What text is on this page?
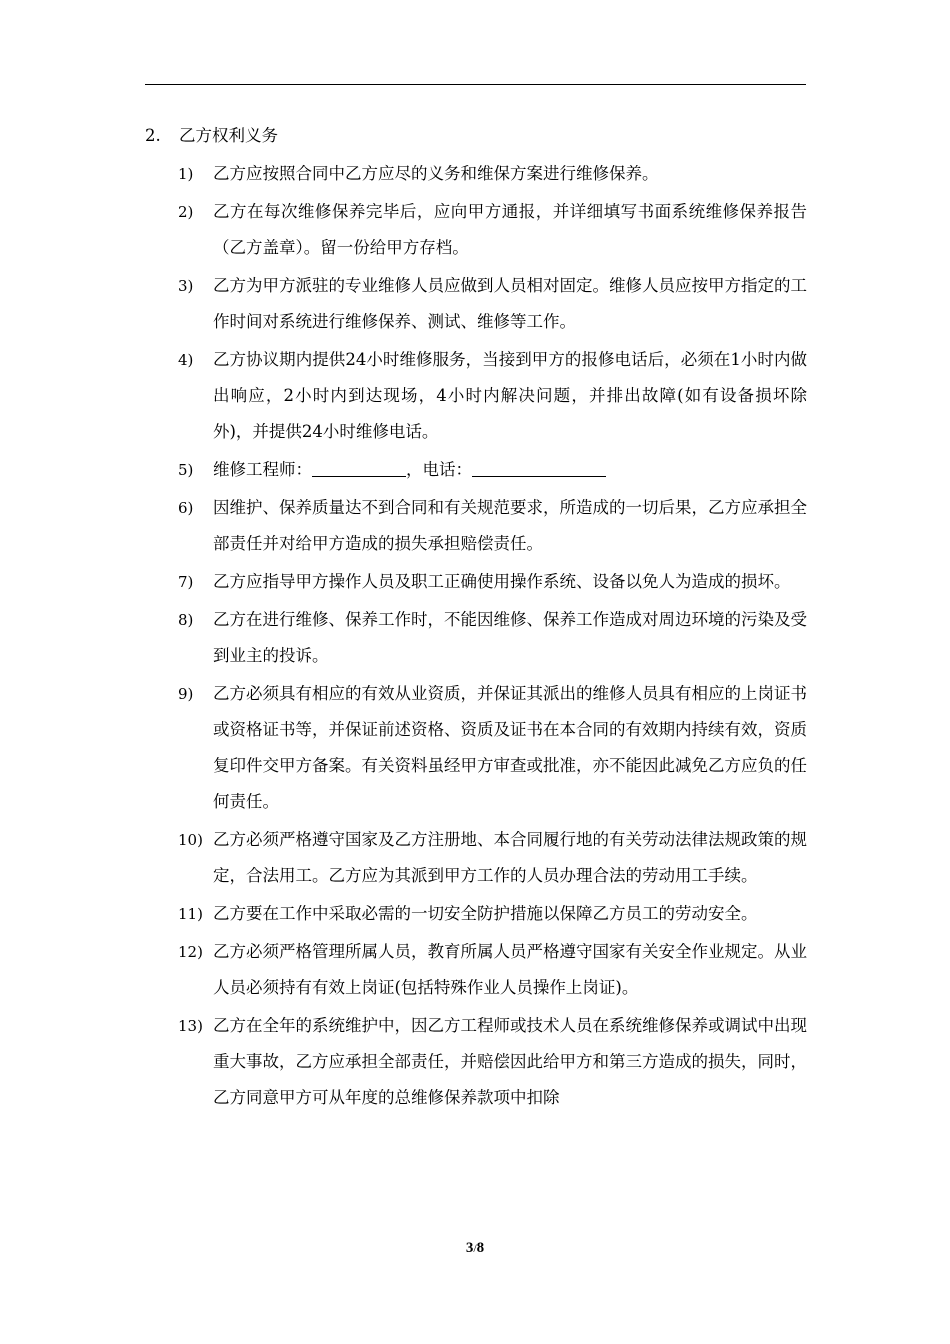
2.	乙方权利义务
1)	乙方应按照合同中乙方应尽的义务和维保方案进行维修保养。
2)	乙方在每次维修保养完毕后，应向甲方通报，并详细填写书面系统维修保养报告（乙方盖章）。留一份给甲方存档。
3)	乙方为甲方派驻的专业维修人员应做到人员相对固定。维修人员应按甲方指定的工作时间对系统进行维修保养、测试、维修等工作。
4)	乙方协议期内提供24小时维修服务，当接到甲方的报修电话后，必须在1小时内做出响应，2小时内到达现场，4小时内解决问题，并排出故障(如有设备损坏除外)，并提供24小时维修电话。
5)	维修工程师：	，电话：
6)	因维护、保养质量达不到合同和有关规范要求，所造成的一切后果，乙方应承担全部责任并对给甲方造成的损失承担赔偿责任。
7)	乙方应指导甲方操作人员及职工正确使用操作系统、设备以免人为造成的损坏。
8)	乙方在进行维修、保养工作时，不能因维修、保养工作造成对周边环境的污染及受到业主的投诉。
9)	乙方必须具有相应的有效从业资质，并保证其派出的维修人员具有相应的上岗证书或资格证书等，并保证前述资格、资质及证书在本合同的有效期内持续有效，资质复印件交甲方备案。有关资料虽经甲方审查或批准，亦不能因此减免乙方应负的任何责任。
10) 乙方必须严格遵守国家及乙方注册地、本合同履行地的有关劳动法律法规政策的规定，合法用工。乙方应为其派到甲方工作的人员办理合法的劳动用工手续。
11) 乙方要在工作中采取必需的一切安全防护措施以保障乙方员工的劳动安全。
12) 乙方必须严格管理所属人员，教育所属人员严格遵守国家有关安全作业规定。从业人员必须持有有效上岗证(包括特殊作业人员操作上岗证)。
13) 乙方在全年的系统维护中，因乙方工程师或技术人员在系统维修保养或调试中出现重大事故，乙方应承担全部责任，并赔偿因此给甲方和第三方造成的损失，同时，乙方同意甲方可从年度的总维修保养款项中扣除
3/8
